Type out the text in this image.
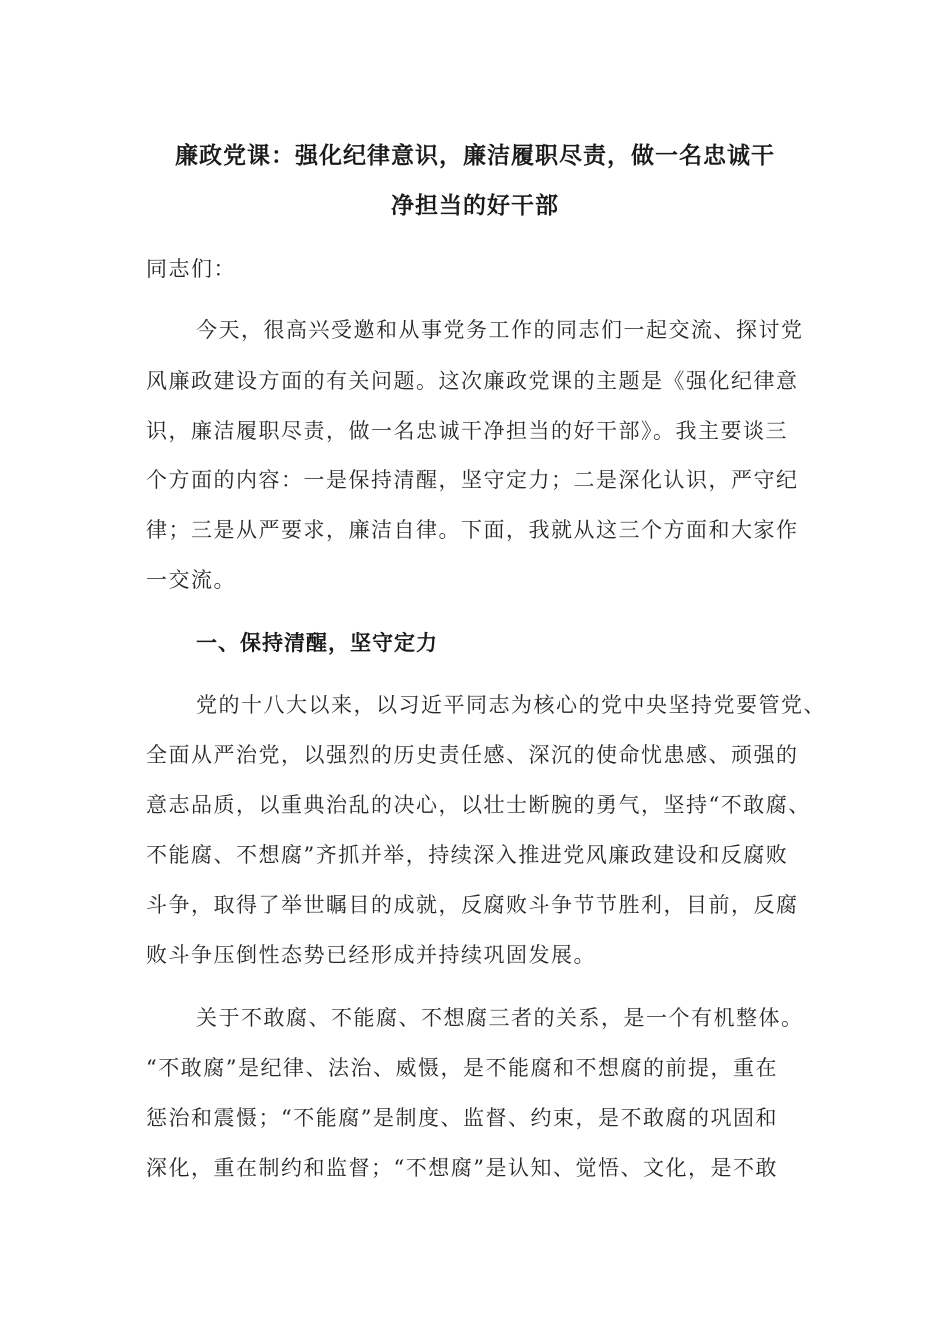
廉政党课：强化纪律意识，廉洁履职尽责，做一名忠诚干
净担当的好干部
同志们：
今天，很高兴受邀和从事党务工作的同志们一起交流、探讨党
风廉政建设方面的有关问题。这次廉政党课的主题是《强化纪律意
识，廉洁履职尽责，做一名忠诚干净担当的好干部》。我主要谈三
个方面的内容：一是保持清醒，坚守定力；二是深化认识，严守纪
律；三是从严要求，廉洁自律。下面，我就从这三个方面和大家作
一交流。
一、保持清醒，坚守定力
党的十八大以来，以习近平同志为核心的党中央坚持党要管党、
全面从严治党，以强烈的历史责任感、深沉的使命忧患感、顽强的
意志品质，以重典治乱的决心，以壮士断腕的勇气，坚持“不敢腐、
不能腐、不想腐”齐抓并举，持续深入推进党风廉政建设和反腐败
斗争，取得了举世瞩目的成就，反腐败斗争节节胜利，目前，反腐
败斗争压倒性态势已经形成并持续巩固发展。
关于不敢腐、不能腐、不想腐三者的关系，是一个有机整体。
“不敢腐”是纪律、法治、威慑，是不能腐和不想腐的前提，重在
惩治和震慑；“不能腐”是制度、监督、约束，是不敢腐的巩固和
深化，重在制约和监督；“不想腐”是认知、觉悟、文化，是不敢
